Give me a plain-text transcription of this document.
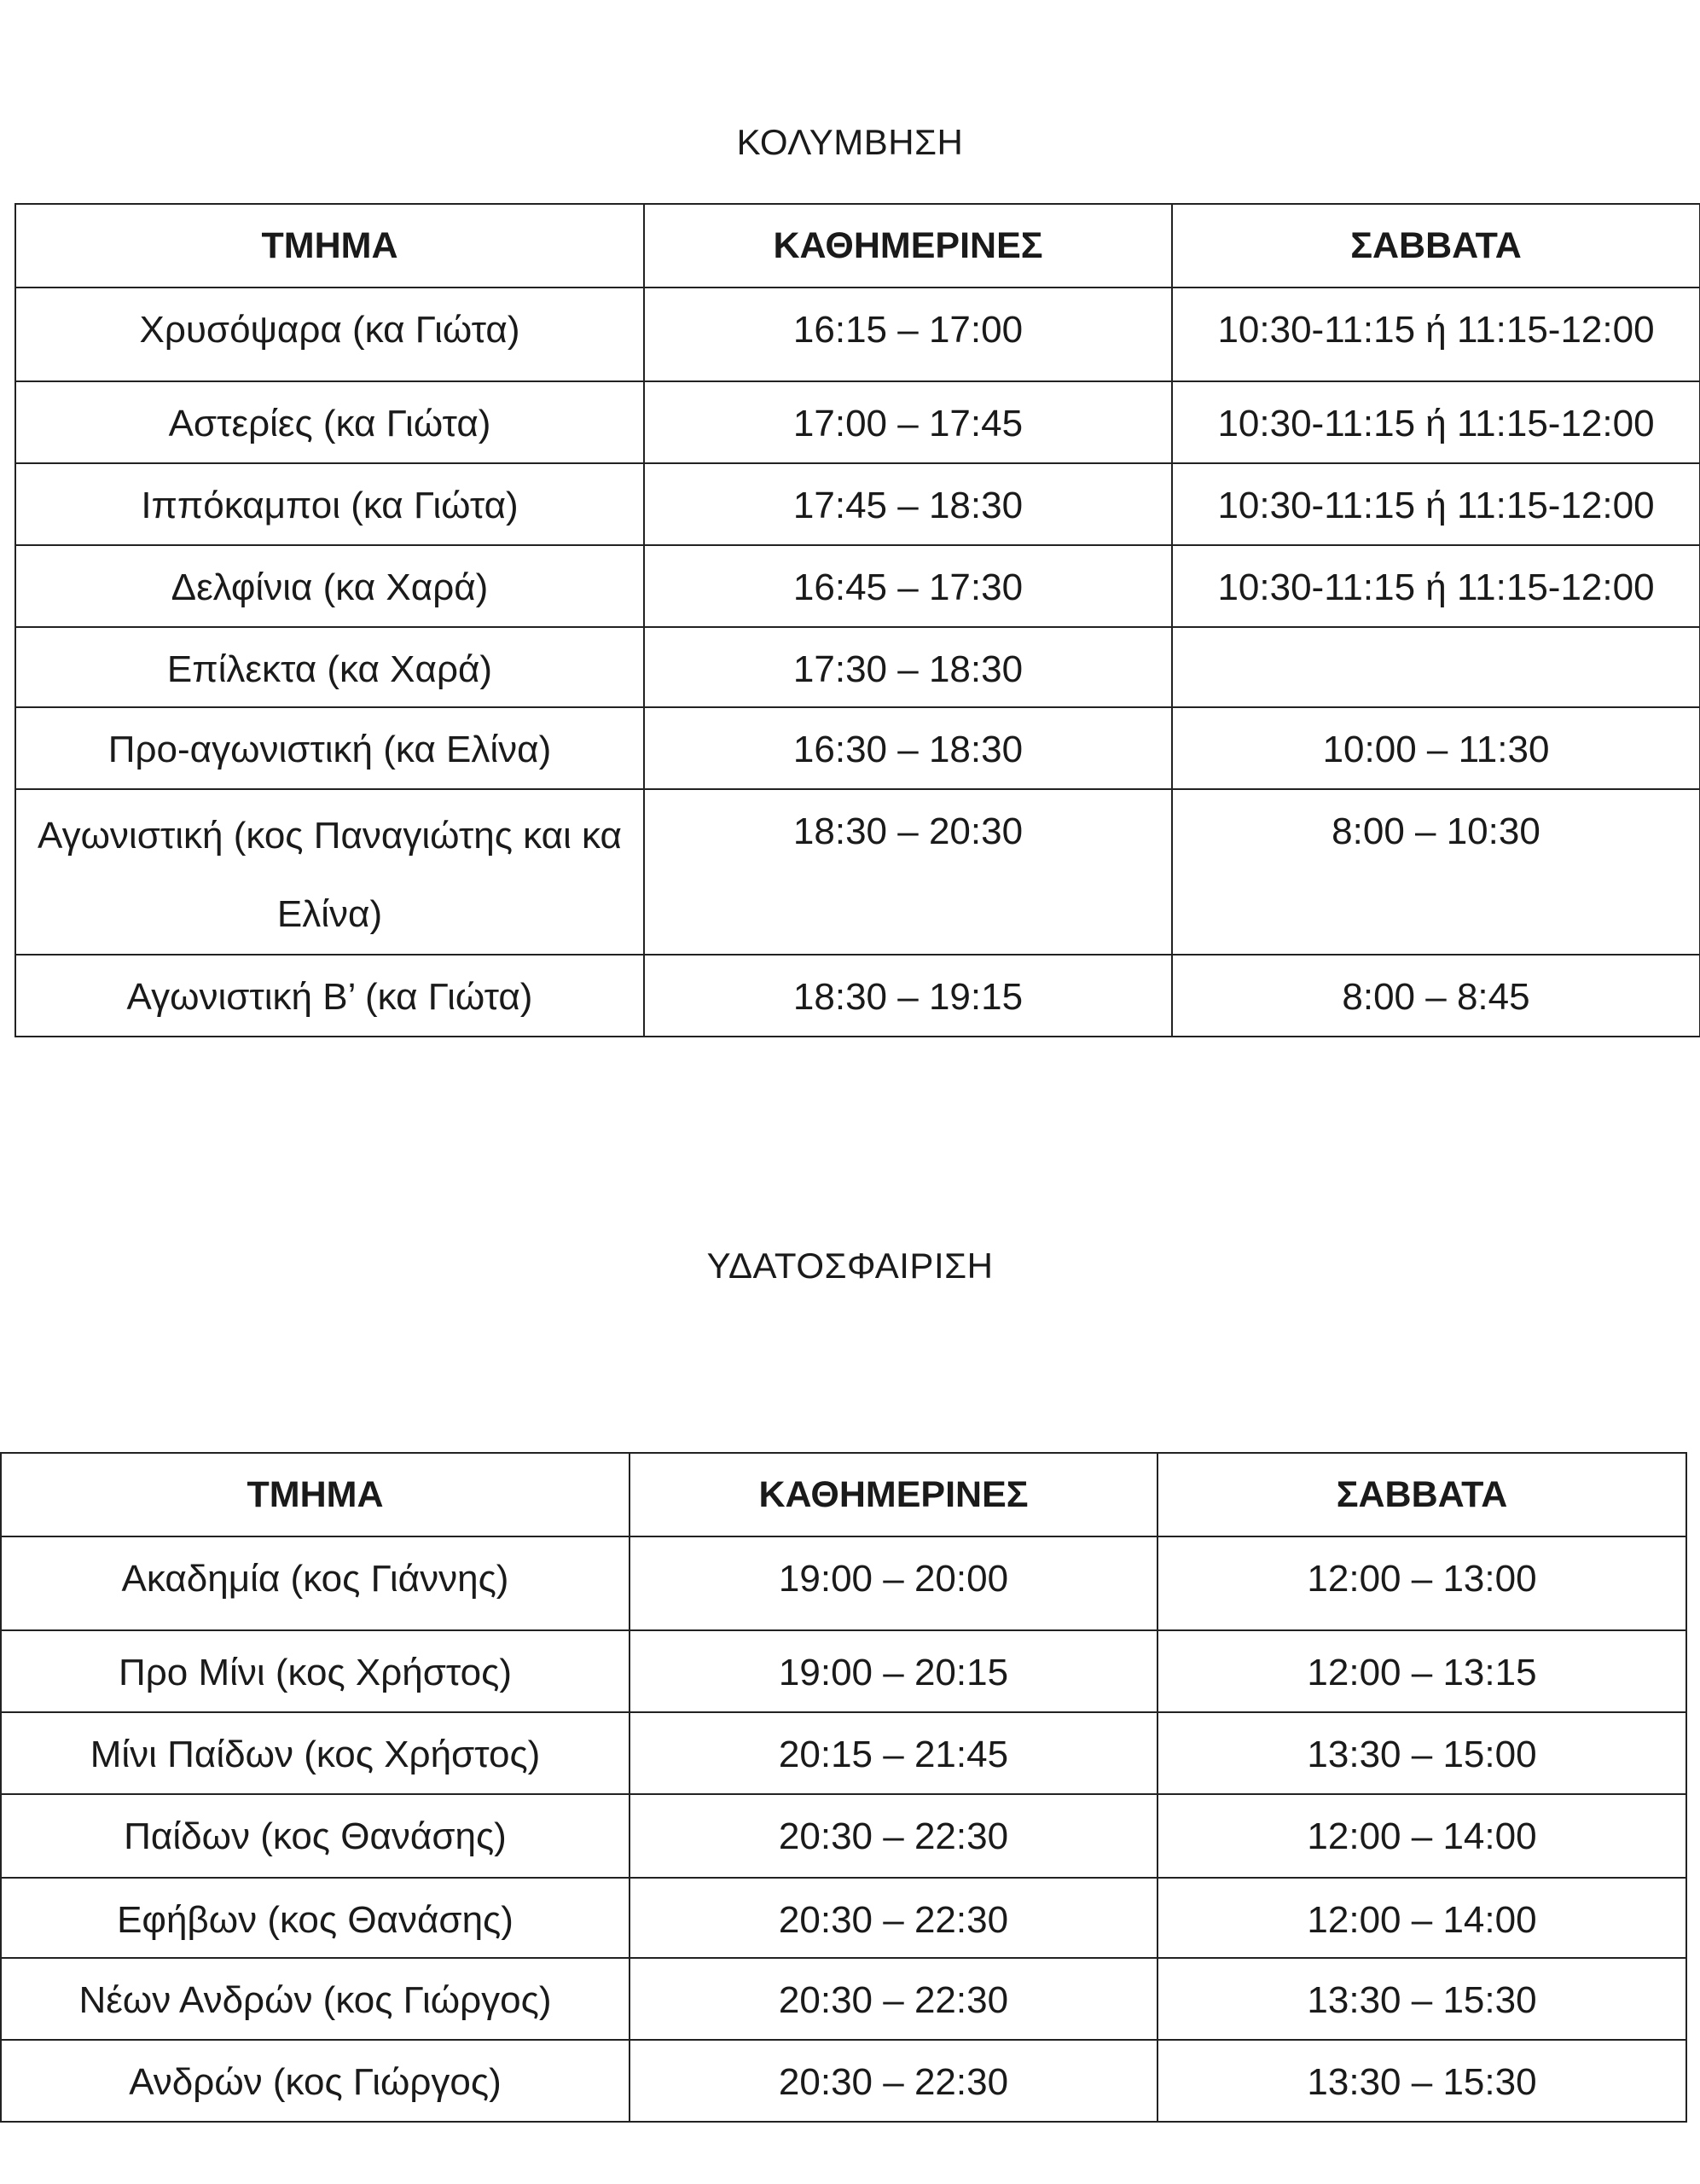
ΚΟΛΥΜΒΗΣΗ
ΤΜΗΜΑ	ΚΑΘΗΜΕΡΙΝΕΣ	ΣΑΒΒΑΤΑ
Χρυσόψαρα (κα Γιώτα)	16:15 – 17:00	10:30-11:15 ή 11:15-12:00
Αστερίες (κα Γιώτα)	17:00 – 17:45	10:30-11:15 ή 11:15-12:00
Ιππόκαμποι (κα Γιώτα)	17:45 – 18:30	10:30-11:15 ή 11:15-12:00
Δελφίνια (κα Χαρά)	16:45 – 17:30	10:30-11:15 ή 11:15-12:00
Επίλεκτα (κα Χαρά)	17:30 – 18:30	
Προ-αγωνιστική (κα Ελίνα)	16:30 – 18:30	10:00 – 11:30
Αγωνιστική (κος Παναγιώτης και κα Ελίνα)	18:30 – 20:30	8:00 – 10:30
Αγωνιστική Β’ (κα Γιώτα)	18:30 – 19:15	8:00 – 8:45
ΥΔΑΤΟΣΦΑΙΡΙΣΗ
ΤΜΗΜΑ	ΚΑΘΗΜΕΡΙΝΕΣ	ΣΑΒΒΑΤΑ
Ακαδημία (κος Γιάννης)	19:00 – 20:00	12:00 – 13:00
Προ Μίνι (κος Χρήστος)	19:00 – 20:15	12:00 – 13:15
Μίνι Παίδων (κος Χρήστος)	20:15 – 21:45	13:30 – 15:00
Παίδων (κος Θανάσης)	20:30 – 22:30	12:00 – 14:00
Εφήβων (κος Θανάσης)	20:30 – 22:30	12:00 – 14:00
Νέων Ανδρών (κος Γιώργος)	20:30 – 22:30	13:30 – 15:30
Ανδρών (κος Γιώργος)	20:30 – 22:30	13:30 – 15:30
